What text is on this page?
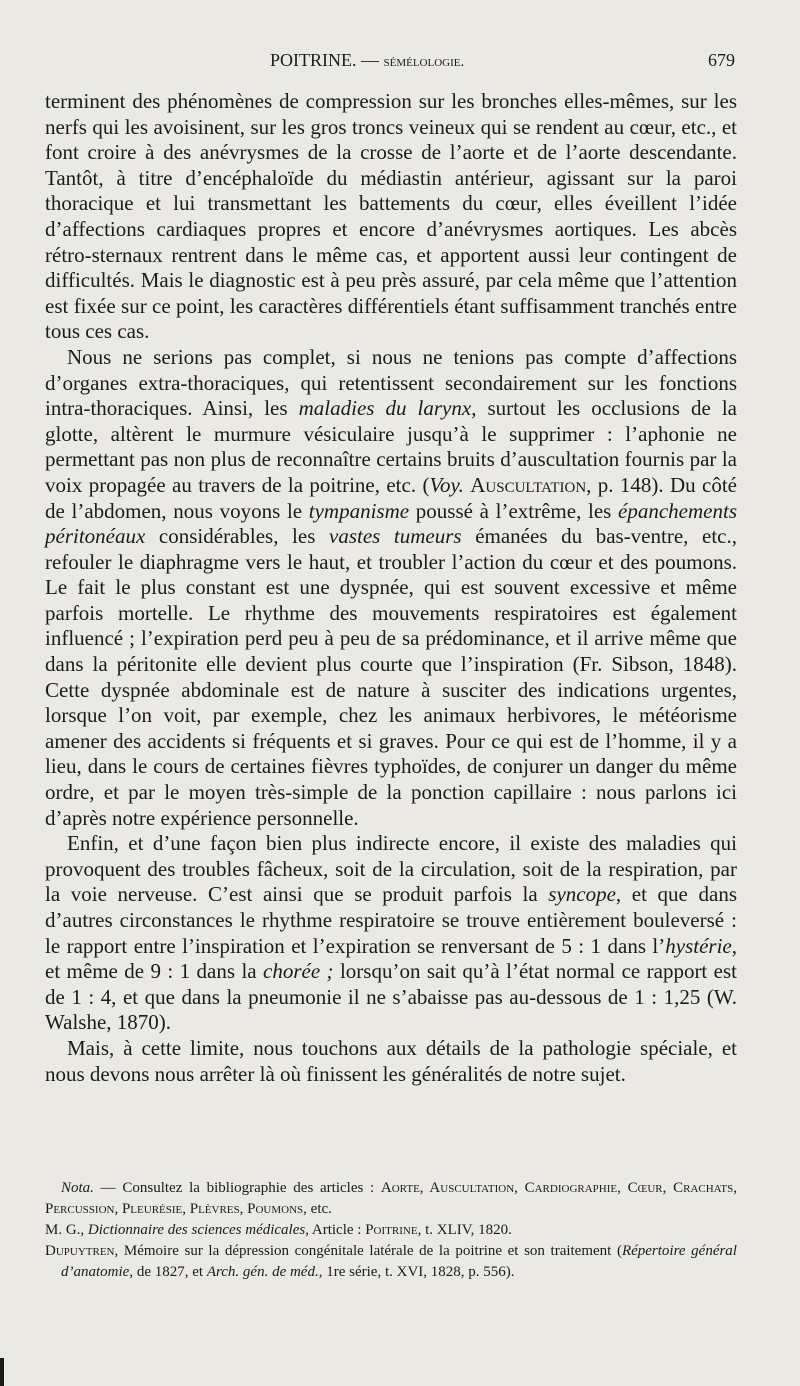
POITRINE. — sémélologie.	679

terminent des phénomènes de compression sur les bronches elles-mêmes, sur les nerfs qui les avoisinent, sur les gros troncs veineux qui se rendent au cœur, etc., et font croire à des anévrysmes de la crosse de l’aorte et de l’aorte descendante. Tantôt, à titre d’encéphaloïde du médiastin antérieur, agissant sur la paroi thoracique et lui transmettant les battements du cœur, elles éveillent l’idée d’affections cardiaques propres et encore d’anévrysmes aortiques. Les abcès rétro-sternaux rentrent dans le même cas, et apportent aussi leur contingent de difficultés. Mais le diagnostic est à peu près assuré, par cela même que l’attention est fixée sur ce point, les caractères différentiels étant suffisamment tranchés entre tous ces cas.

Nous ne serions pas complet, si nous ne tenions pas compte d’affections d’organes extra-thoraciques, qui retentissent secondairement sur les fonctions intra-thoraciques. Ainsi, les maladies du larynx, surtout les occlusions de la glotte, altèrent le murmure vésiculaire jusqu’à le supprimer : l’aphonie ne permettant pas non plus de reconnaître certains bruits d’auscultation fournis par la voix propagée au travers de la poitrine, etc. (Voy. Auscultation, p. 148). Du côté de l’abdomen, nous voyons le tympanisme poussé à l’extrême, les épanchements péritonéaux considérables, les vastes tumeurs émanées du bas-ventre, etc., refouler le diaphragme vers le haut, et troubler l’action du cœur et des poumons. Le fait le plus constant est une dyspnée, qui est souvent excessive et même parfois mortelle. Le rhythme des mouvements respiratoires est également influencé ; l’expiration perd peu à peu de sa prédominance, et il arrive même que dans la péritonite elle devient plus courte que l’inspiration (Fr. Sibson, 1848). Cette dyspnée abdominale est de nature à susciter des indications urgentes, lorsque l’on voit, par exemple, chez les animaux herbivores, le météorisme amener des accidents si fréquents et si graves. Pour ce qui est de l’homme, il y a lieu, dans le cours de certaines fièvres typhoïdes, de conjurer un danger du même ordre, et par le moyen très-simple de la ponction capillaire : nous parlons ici d’après notre expérience personnelle.

Enfin, et d’une façon bien plus indirecte encore, il existe des maladies qui provoquent des troubles fâcheux, soit de la circulation, soit de la respiration, par la voie nerveuse. C’est ainsi que se produit parfois la syncope, et que dans d’autres circonstances le rhythme respiratoire se trouve entièrement bouleversé : le rapport entre l’inspiration et l’expiration se renversant de 5 : 1 dans l’hystérie, et même de 9 : 1 dans la chorée ; lorsqu’on sait qu’à l’état normal ce rapport est de 1 : 4, et que dans la pneumonie il ne s’abaisse pas au-dessous de 1 : 1,25 (W. Walshe, 1870).

Mais, à cette limite, nous touchons aux détails de la pathologie spéciale, et nous devons nous arrêter là où finissent les généralités de notre sujet.

Nota. — Consultez la bibliographie des articles : Aorte, Auscultation, Cardiographie, Cœur, Crachats, Percussion, Pleurésie, Plèvres, Poumons, etc.

M. G., Dictionnaire des sciences médicales, Article : Poitrine, t. XLIV, 1820.

Dupuytren, Mémoire sur la dépression congénitale latérale de la poitrine et son traitement (Répertoire général d’anatomie, de 1827, et Arch. gén. de méd., 1re série, t. XVI, 1828, p. 556).
